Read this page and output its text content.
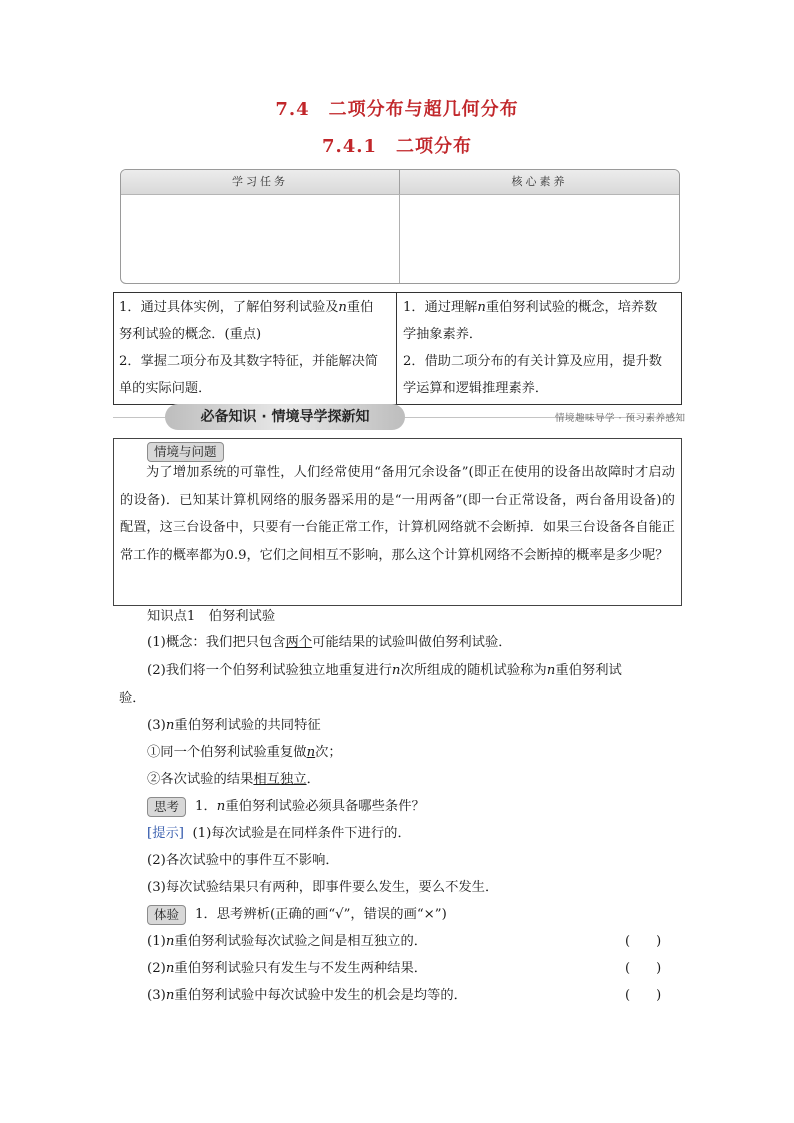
7.4　二项分布与超几何分布
7.4.1　二项分布
学习任务	核心素养
1．通过具体实例，了解伯努利试验及n重伯
努利试验的概念．(重点)
2．掌握二项分布及其数字特征，并能解决简
单的实际问题．
1．通过理解n重伯努利试验的概念，培养数
学抽象素养．
2．借助二项分布的有关计算及应用，提升数
学运算和逻辑推理素养．
必备知识 · 情境导学探新知	情境趣味导学 · 预习素养感知
情境与问题
为了增加系统的可靠性，人们经常使用“备用冗余设备”(即正在使用的设备出故障时才启动的设备)．已知某计算机网络的服务器采用的是“一用两备”(即一台正常设备，两台备用设备)的配置，这三台设备中，只要有一台能正常工作，计算机网络就不会断掉．如果三台设备各自能正常工作的概率都为0.9，它们之间相互不影响，那么这个计算机网络不会断掉的概率是多少呢？
知识点1　伯努利试验
(1)概念：我们把只包含两个可能结果的试验叫做伯努利试验．
(2)我们将一个伯努利试验独立地重复进行n次所组成的随机试验称为n重伯努利试
验．
(3)n重伯努利试验的共同特征
①同一个伯努利试验重复做n次；
②各次试验的结果相互独立．
思考	1．n重伯努利试验必须具备哪些条件？
[提示] (1)每次试验是在同样条件下进行的．
(2)各次试验中的事件互不影响．
(3)每次试验结果只有两种，即事件要么发生，要么不发生．
体验	1．思考辨析(正确的画“√”，错误的画“×”)
(1)n重伯努利试验每次试验之间是相互独立的．	(　　)
(2)n重伯努利试验只有发生与不发生两种结果．	(　　)
(3)n重伯努利试验中每次试验中发生的机会是均等的．	(　　)
